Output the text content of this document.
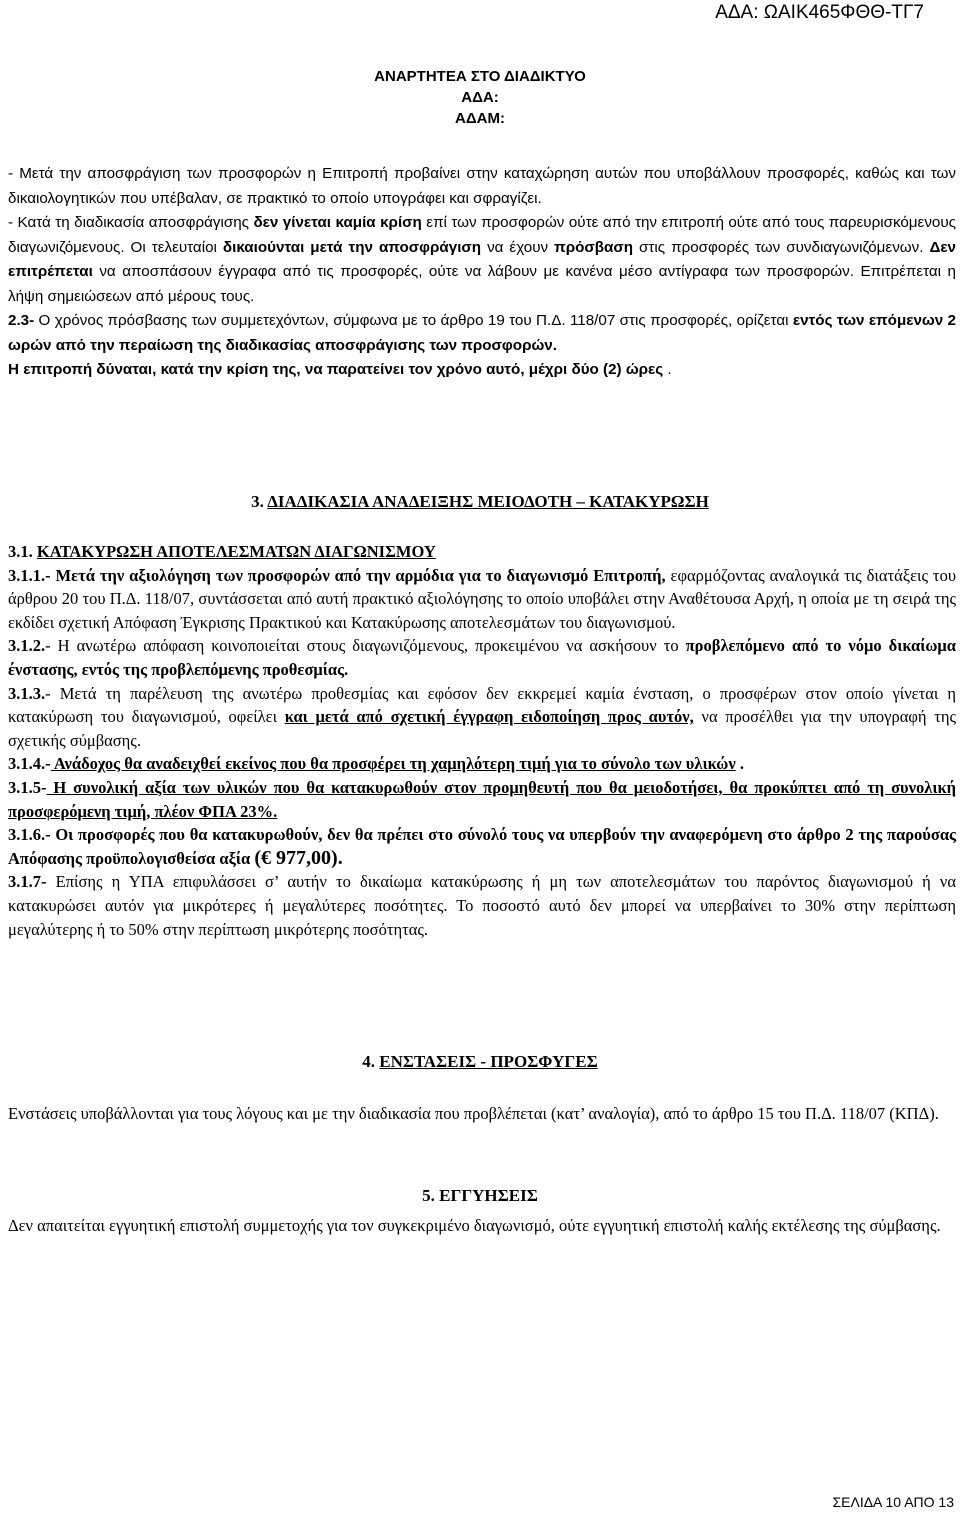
ΑΔΑ: ΩΑΙΚ465ΦΘΘ-ΤΓ7
ΑΝΑΡΤΗΤΕΑ ΣΤΟ ΔΙΑΔΙΚΤΥΟ
ΑΔΑ:
ΑΔΑΜ:

- Μετά την αποσφράγιση των προσφορών η Επιτροπή προβαίνει στην καταχώρηση αυτών που υποβάλλουν προσφορές, καθώς και των δικαιολογητικών που υπέβαλαν, σε πρακτικό το οποίο υπογράφει και σφραγίζει.

- Κατά τη διαδικασία αποσφράγισης δεν γίνεται καμία κρίση επί των προσφορών ούτε από την επιτροπή ούτε από τους παρευρισκόμενους διαγωνιζόμενους. Οι τελευταίοι δικαιούνται μετά την αποσφράγιση να έχουν πρόσβαση στις προσφορές των συνδιαγωνιζόμενων. Δεν επιτρέπεται να αποσπάσουν έγγραφα από τις προσφορές, ούτε να λάβουν με κανένα μέσο αντίγραφα των προσφορών. Επιτρέπεται η λήψη σημειώσεων από μέρους τους.

2.3- Ο χρόνος πρόσβασης των συμμετεχόντων, σύμφωνα με το άρθρο 19 του Π.Δ. 118/07 στις προσφορές, ορίζεται εντός των επόμενων 2 ωρών από την περαίωση της διαδικασίας αποσφράγισης των προσφορών.
Η επιτροπή δύναται, κατά την κρίση της, να παρατείνει τον χρόνο αυτό, μέχρι δύο (2) ώρες .

3. ΔΙΑΔΙΚΑΣΙΑ ΑΝΑΔΕΙΞΗΣ ΜΕΙΟΔΟΤΗ – ΚΑΤΑΚΥΡΩΣΗ

3.1. ΚΑΤΑΚΥΡΩΣΗ ΑΠΟΤΕΛΕΣΜΑΤΩΝ ΔΙΑΓΩΝΙΣΜΟΥ

3.1.1.- Μετά την αξιολόγηση των προσφορών από την αρμόδια για το διαγωνισμό Επιτροπή, εφαρμόζοντας αναλογικά τις διατάξεις του άρθρου 20 του Π.Δ. 118/07, συντάσσεται από αυτή πρακτικό αξιολόγησης το οποίο υποβάλει στην Αναθέτουσα Αρχή, η οποία με τη σειρά της εκδίδει σχετική Απόφαση Έγκρισης Πρακτικού και Κατακύρωσης αποτελεσμάτων του διαγωνισμού.

3.1.2.- Η ανωτέρω απόφαση κοινοποιείται στους διαγωνιζόμενους, προκειμένου να ασκήσουν το προβλεπόμενο από το νόμο δικαίωμα ένστασης, εντός της προβλεπόμενης προθεσμίας.

3.1.3.- Μετά τη παρέλευση της ανωτέρω προθεσμίας και εφόσον δεν εκκρεμεί καμία ένσταση, ο προσφέρων στον οποίο γίνεται η κατακύρωση του διαγωνισμού, οφείλει και μετά από σχετική έγγραφη ειδοποίηση προς αυτόν, να προσέλθει για την υπογραφή της σχετικής σύμβασης.

3.1.4.- Ανάδοχος θα αναδειχθεί εκείνος που θα προσφέρει τη χαμηλότερη τιμή για το σύνολο των υλικών .

3.1.5- Η συνολική αξία των υλικών που θα κατακυρωθούν στον προμηθευτή που θα μειοδοτήσει, θα προκύπτει από τη συνολική προσφερόμενη τιμή, πλέον ΦΠΑ 23%.

3.1.6.- Οι προσφορές που θα κατακυρωθούν, δεν θα πρέπει στο σύνολό τους να υπερβούν την αναφερόμενη στο άρθρο 2 της παρούσας Απόφασης προϋπολογισθείσα αξία (€ 977,00).

3.1.7- Επίσης η ΥΠΑ επιφυλάσσει σ’ αυτήν το δικαίωμα κατακύρωσης ή μη των αποτελεσμάτων του παρόντος διαγωνισμού ή να κατακυρώσει αυτόν για μικρότερες ή μεγαλύτερες ποσότητες. Το ποσοστό αυτό δεν μπορεί να υπερβαίνει το 30% στην περίπτωση μεγαλύτερης ή το 50% στην περίπτωση μικρότερης ποσότητας.

4. ΕΝΣΤΑΣΕΙΣ - ΠΡΟΣΦΥΓΕΣ

Ενστάσεις υποβάλλονται για τους λόγους και με την διαδικασία που προβλέπεται (κατ’ αναλογία), από το άρθρο 15 του Π.Δ. 118/07 (ΚΠΔ).

5. ΕΓΓΥΗΣΕΙΣ

Δεν απαιτείται εγγυητική επιστολή συμμετοχής για τον συγκεκριμένο διαγωνισμό, ούτε εγγυητική επιστολή καλής εκτέλεσης της σύμβασης.

ΣΕΛΙΔΑ 10 ΑΠΟ 13
